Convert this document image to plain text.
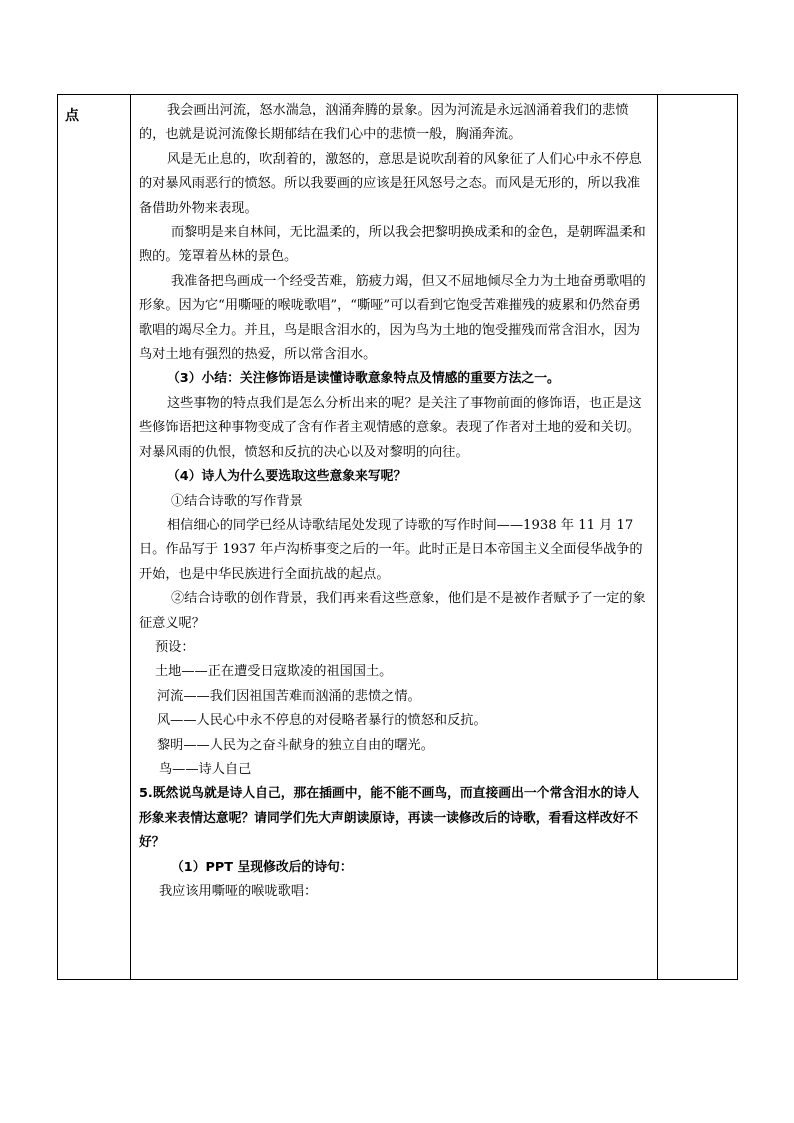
点	我会画出河流，怒水湍急，汹涌奔腾的景象。因为河流是永远汹涌着我们的悲愤的，也就是说河流像长期郁结在我们心中的悲愤一般，胸涌奔流。

风是无止息的，吹刮着的，激怒的，意思是说吹刮着的风象征了人们心中永不停息的对暴风雨恶行的愤怒。所以我要画的应该是狂风怒号之态。而风是无形的，所以我准备借助外物来表现。

而黎明是来自林间，无比温柔的，所以我会把黎明换成柔和的金色，是朝晖温柔和煦的。笼罩着丛林的景色。

我准备把鸟画成一个经受苦难，筋疲力竭，但又不屈地倾尽全力为土地奋勇歌唱的形象。因为它“用嘶哑的喉咙歌唱”，“嘶哑”可以看到它饱受苦难摧残的疲累和仍然奋勇歌唱的竭尽全力。并且，鸟是眼含泪水的，因为鸟为土地的饱受摧残而常含泪水，因为鸟对土地有强烈的热爱，所以常含泪水。

（3）小结：关注修饰语是读懂诗歌意象特点及情感的重要方法之一。

这些事物的特点我们是怎么分析出来的呢？是关注了事物前面的修饰语，也正是这些修饰语把这种事物变成了含有作者主观情感的意象。表现了作者对土地的爱和关切。对暴风雨的仇恨，愤怒和反抗的决心以及对黎明的向往。

（4）诗人为什么要选取这些意象来写呢？

①结合诗歌的写作背景

相信细心的同学已经从诗歌结尾处发现了诗歌的写作时间——1938 年 11 月 17 日。作品写于 1937 年卢沟桥事变之后的一年。此时正是日本帝国主义全面侵华战争的开始，也是中华民族进行全面抗战的起点。

②结合诗歌的创作背景，我们再来看这些意象，他们是不是被作者赋予了一定的象征意义呢？

预设：

土地——正在遭受日寇欺凌的祖国国土。

河流——我们因祖国苦难而汹涌的悲愤之情。

风——人民心中永不停息的对侵略者暴行的愤怒和反抗。

黎明——人民为之奋斗献身的独立自由的曙光。

鸟——诗人自己

5.既然说鸟就是诗人自己，那在插画中，能不能不画鸟，而直接画出一个常含泪水的诗人形象来表情达意呢？请同学们先大声朗读原诗，再读一读修改后的诗歌，看看这样改好不好？

（1）PPT 呈现修改后的诗句：

我应该用嘶哑的喉咙歌唱：
